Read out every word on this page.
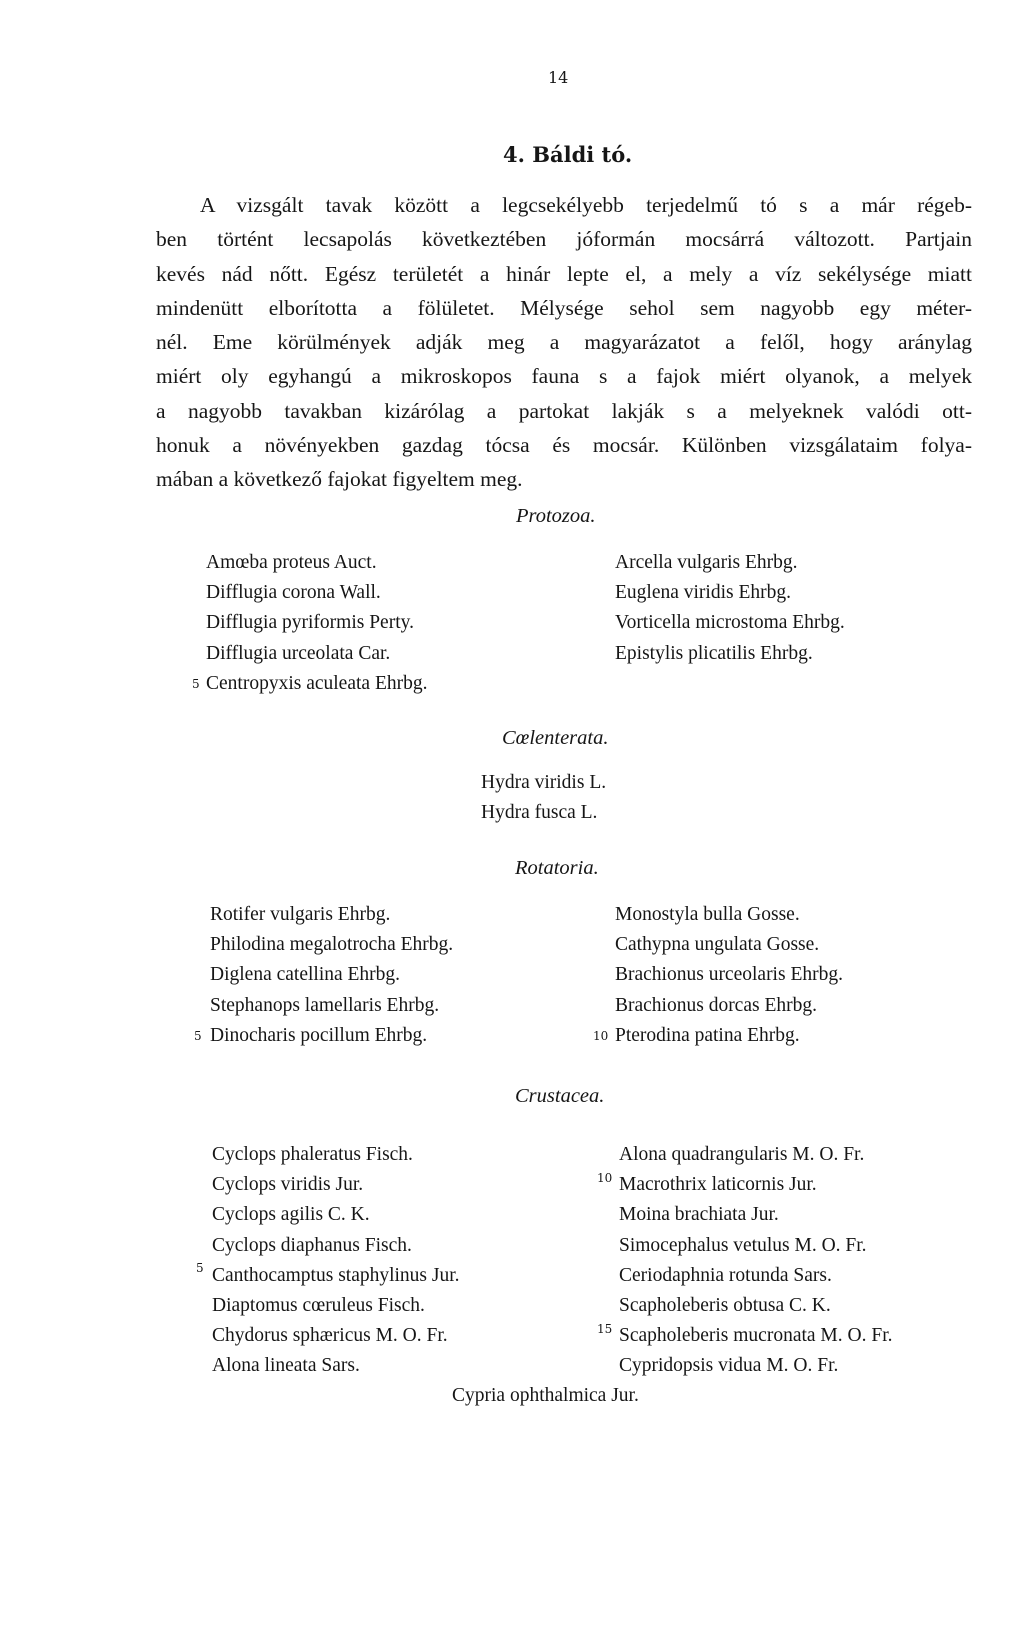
14
4. Báldi tó.
A vizsgált tavak között a legcsekélyebb terjedelmű tó s a már régeb-
ben történt lecsapolás következtében jóformán mocsárrá változott. Partjain
kevés nád nőtt. Egész területét a hinár lepte el, a mely a víz sekélysége miatt
mindenütt elborította a fölületet. Mélysége sehol sem nagyobb egy méter-
nél. Eme körülmények adják meg a magyarázatot a felől, hogy aránylag
miért oly egyhangú a mikroskopos fauna s a fajok miért olyanok, a melyek
a nagyobb tavakban kizárólag a partokat lakják s a melyeknek valódi ott-
honuk a növényekben gazdag tócsa és mocsár. Különben vizsgálataim folya-
mában a következő fajokat figyeltem meg.
Protozoa.
Amœba proteus Auct.
Difflugia corona Wall.
Difflugia pyriformis Perty.
Difflugia urceolata Car.
Centropyxis aculeata Ehrbg.
5
Arcella vulgaris Ehrbg.
Euglena viridis Ehrbg.
Vorticella microstoma Ehrbg.
Epistylis plicatilis Ehrbg.
Cœlenterata.
Hydra viridis L.
Hydra fusca L.
Rotatoria.
Rotifer vulgaris Ehrbg.
Philodina megalotrocha Ehrbg.
Diglena catellina Ehrbg.
Stephanops lamellaris Ehrbg.
Dinocharis pocillum Ehrbg.
5
Monostyla bulla Gosse.
Cathypna ungulata Gosse.
Brachionus urceolaris Ehrbg.
Brachionus dorcas Ehrbg.
Pterodina patina Ehrbg.
10
Crustacea.
Cyclops phaleratus Fisch.
Cyclops viridis Jur.
Cyclops agilis C. K.
Cyclops diaphanus Fisch.
Canthocamptus staphylinus Jur.
Diaptomus cœruleus Fisch.
Chydorus sphæricus M. O. Fr.
Alona lineata Sars.
5
Alona quadrangularis M. O. Fr.
Macrothrix laticornis Jur.
Moina brachiata Jur.
Simocephalus vetulus M. O. Fr.
Ceriodaphnia rotunda Sars.
Scapholeberis obtusa C. K.
Scapholeberis mucronata M. O. Fr.
Cypridopsis vidua M. O. Fr.
10
15
Cypria ophthalmica Jur.
